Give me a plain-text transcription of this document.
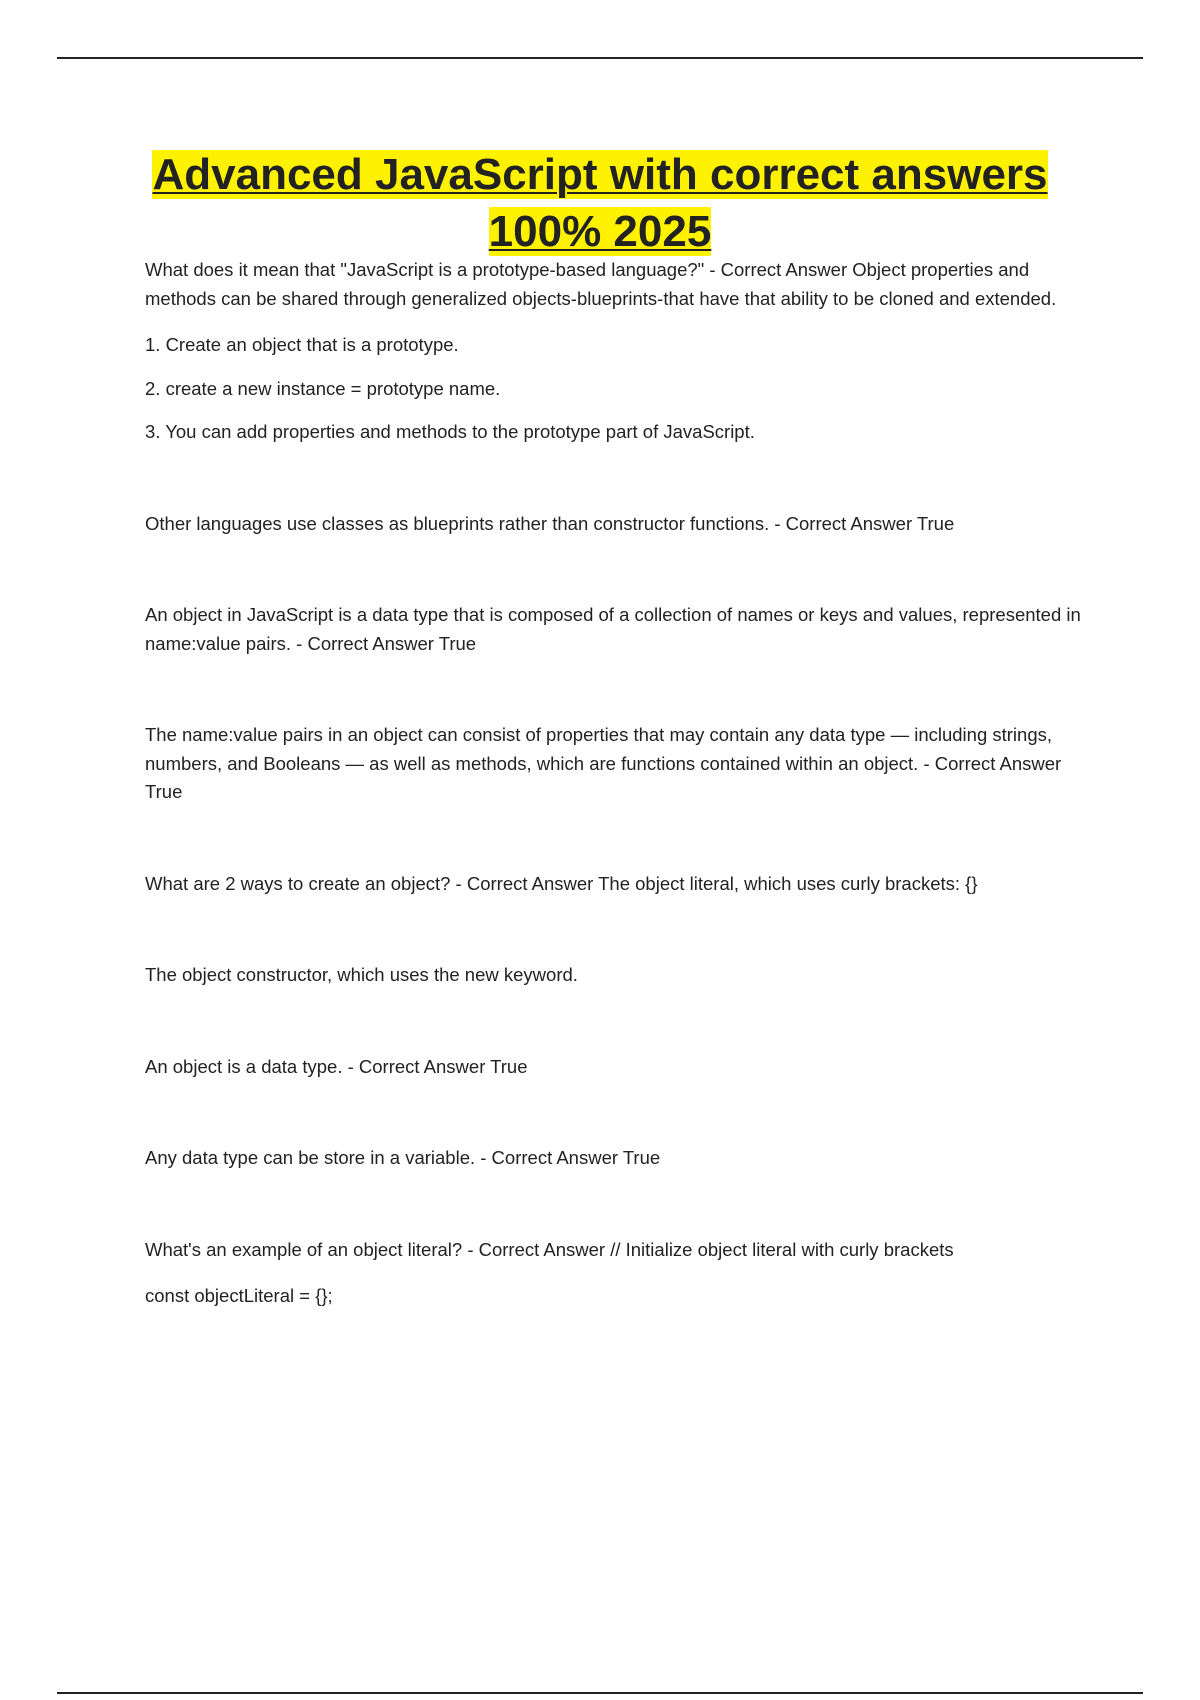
Advanced JavaScript with correct answers 100% 2025

What does it mean that "JavaScript is a prototype-based language?" - Correct Answer Object properties and methods can be shared through generalized objects-blueprints-that have that ability to be cloned and extended.

1. Create an object that is a prototype.

2. create a new instance = prototype name.

3. You can add properties and methods to the prototype part of JavaScript.

Other languages use classes as blueprints rather than constructor functions. - Correct Answer True

An object in JavaScript is a data type that is composed of a collection of names or keys and values, represented in name:value pairs. - Correct Answer True

The name:value pairs in an object can consist of properties that may contain any data type — including strings, numbers, and Booleans — as well as methods, which are functions contained within an object. - Correct Answer True

What are 2 ways to create an object? - Correct Answer The object literal, which uses curly brackets: {}

The object constructor, which uses the new keyword.

An object is a data type. - Correct Answer True

Any data type can be store in a variable. - Correct Answer True

What's an example of an object literal? - Correct Answer // Initialize object literal with curly brackets

const objectLiteral = {};
